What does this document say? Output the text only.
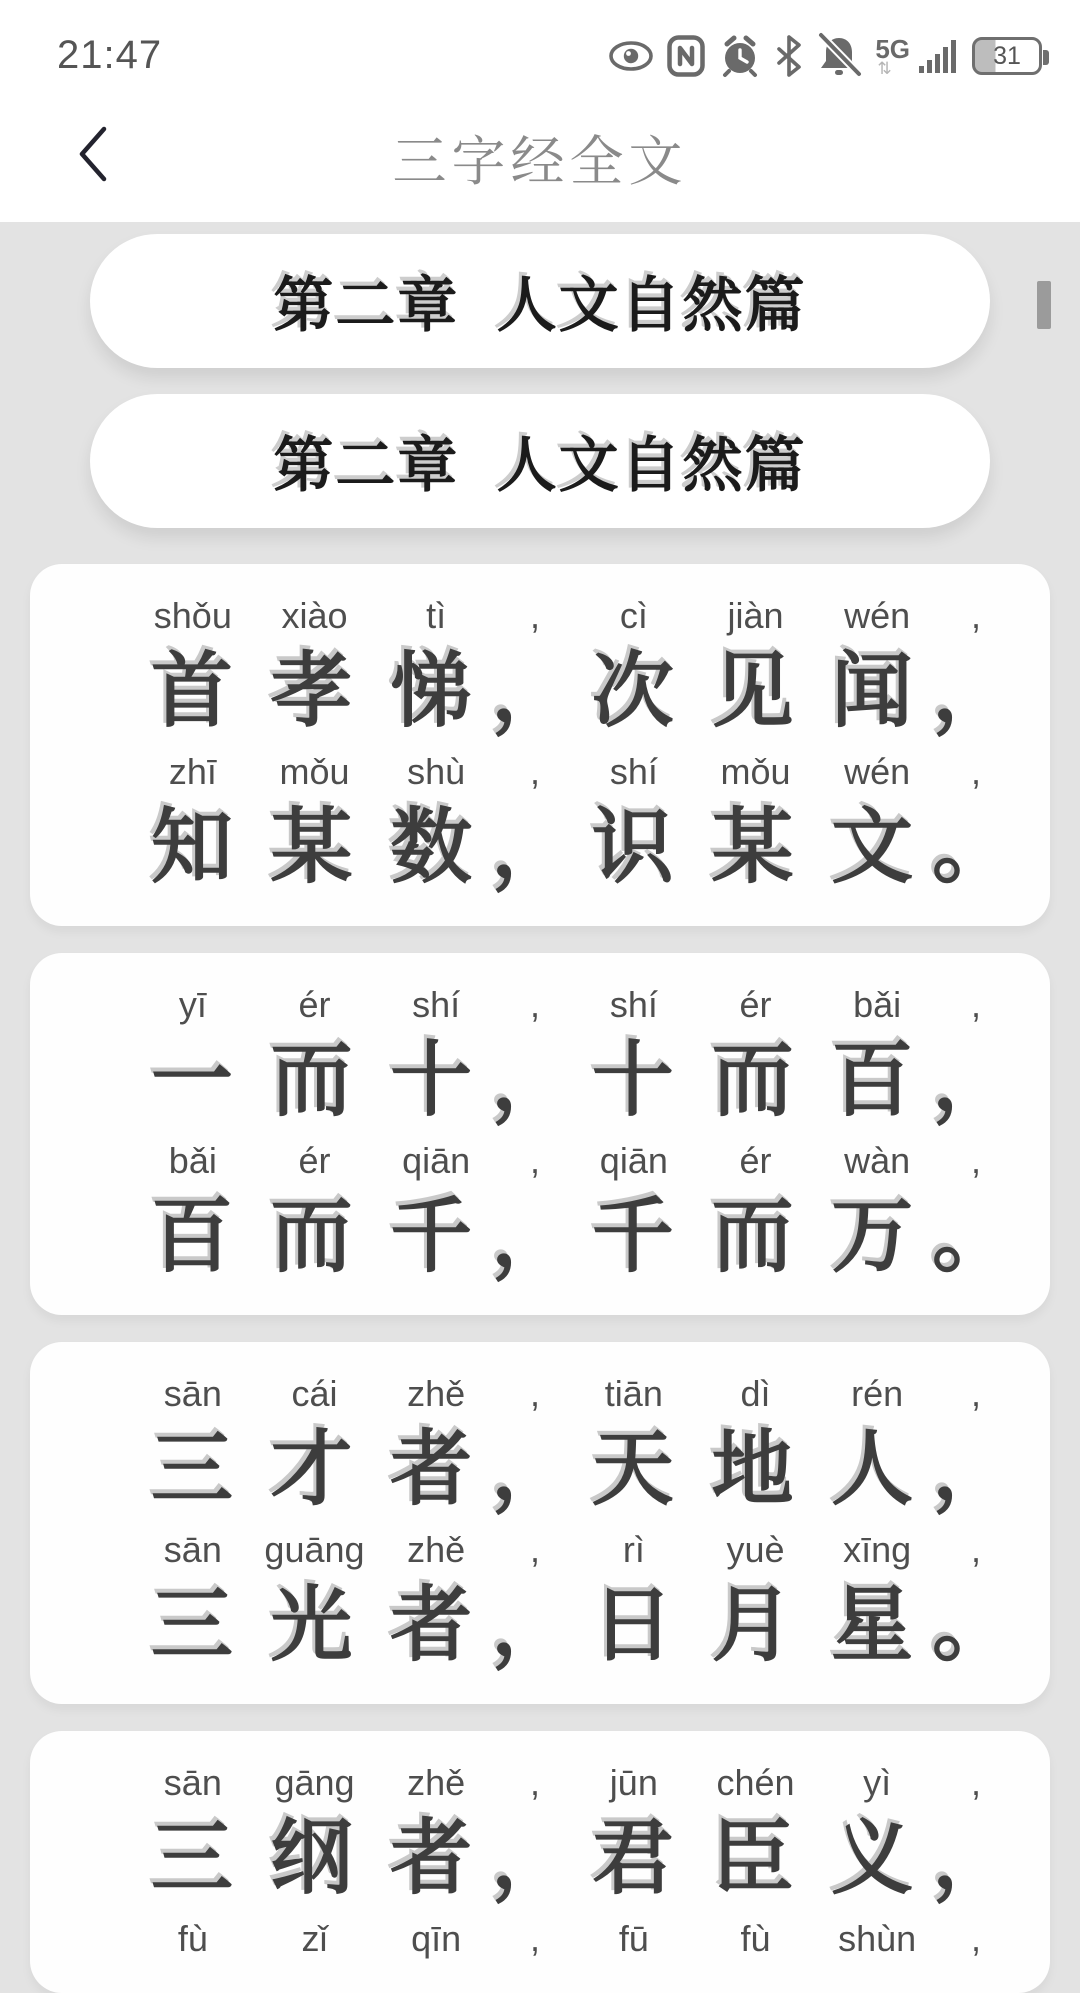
21:47	5G
⇅	31
三字经全文
第二章  人文自然篇
第二章  人文自然篇
shǒu	xiào	tì	,	cì	jiàn	wén	,
首 孝 悌 ， 次 见 闻 ，
zhī	mǒu	shù	,	shí	mǒu	wén	,
知 某 数 ， 识 某 文 。
yī	ér	shí	,	shí	ér	bǎi	,
一 而 十 ， 十 而 百 ，
bǎi	ér	qiān	,	qiān	ér	wàn	,
百 而 千 ， 千 而 万 。
sān	cái	zhě	,	tiān	dì	rén	,
三 才 者 ， 天 地 人 ，
sān	guāng	zhě	,	rì	yuè	xīng	,
三 光 者 ， 日 月 星 。
sān	gāng	zhě	,	jūn	chén	yì	,
三 纲 者 ， 君 臣 义 ，
fù	zǐ	qīn	,	fū	fù	shùn	,
